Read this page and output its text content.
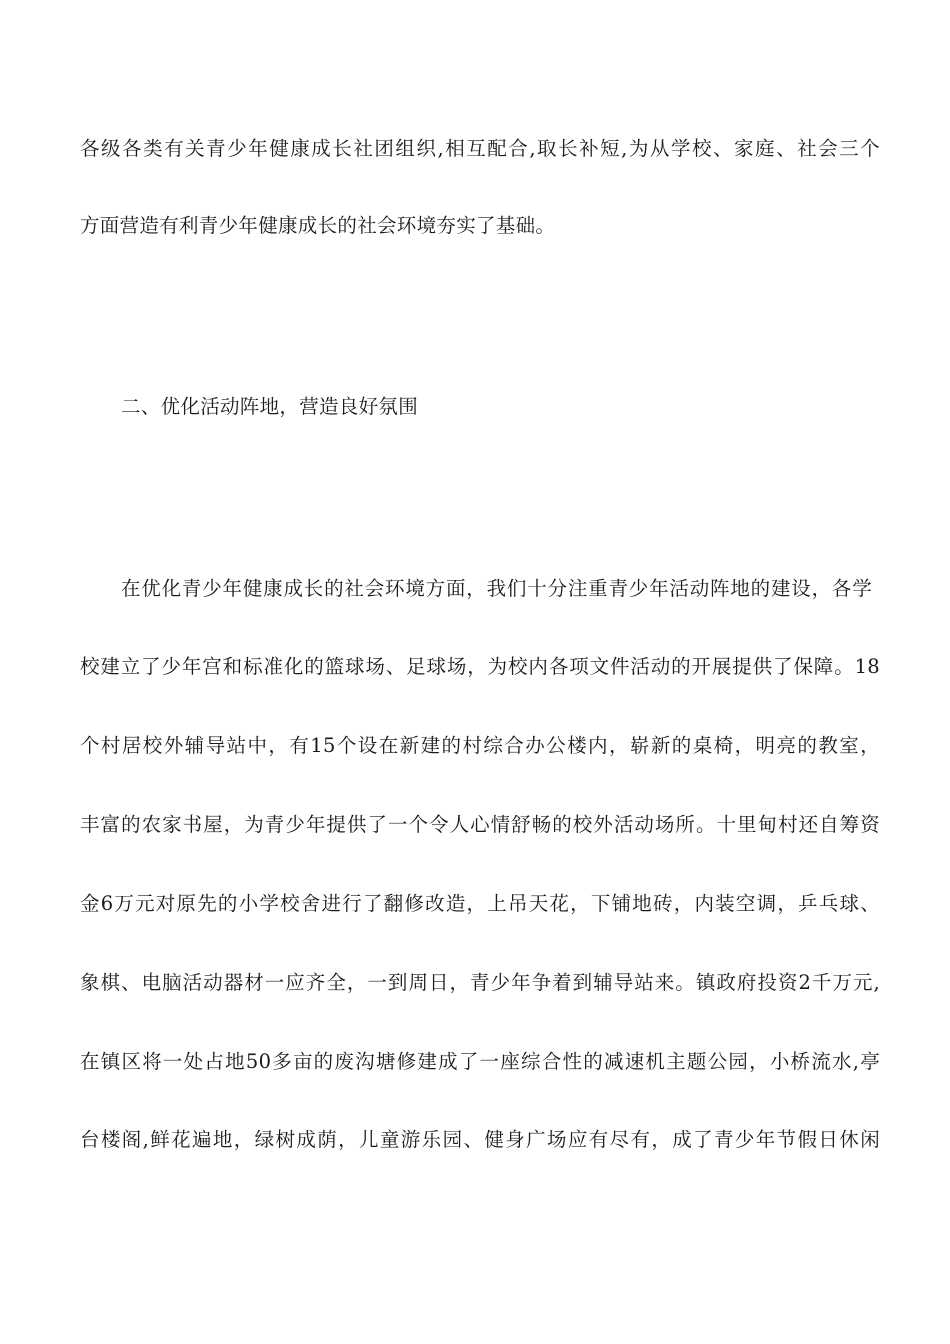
各级各类有关青少年健康成长社团组织,相互配合,取长补短,为从学校、家庭、社会三个
方面营造有利青少年健康成长的社会环境夯实了基础。
二、优化活动阵地，营造良好氛围
在优化青少年健康成长的社会环境方面，我们十分注重青少年活动阵地的建设，各学
校建立了少年宫和标准化的篮球场、足球场，为校内各项文件活动的开展提供了保障。18
个村居校外辅导站中，有15个设在新建的村综合办公楼内，崭新的桌椅，明亮的教室，
丰富的农家书屋，为青少年提供了一个令人心情舒畅的校外活动场所。十里甸村还自筹资
金6万元对原先的小学校舍进行了翻修改造，上吊天花，下铺地砖，内装空调，乒乓球、
象棋、电脑活动器材一应齐全，一到周日，青少年争着到辅导站来。镇政府投资2千万元,
在镇区将一处占地50多亩的废沟塘修建成了一座综合性的减速机主题公园，小桥流水,亭
台楼阁,鲜花遍地，绿树成荫，儿童游乐园、健身广场应有尽有，成了青少年节假日休闲
